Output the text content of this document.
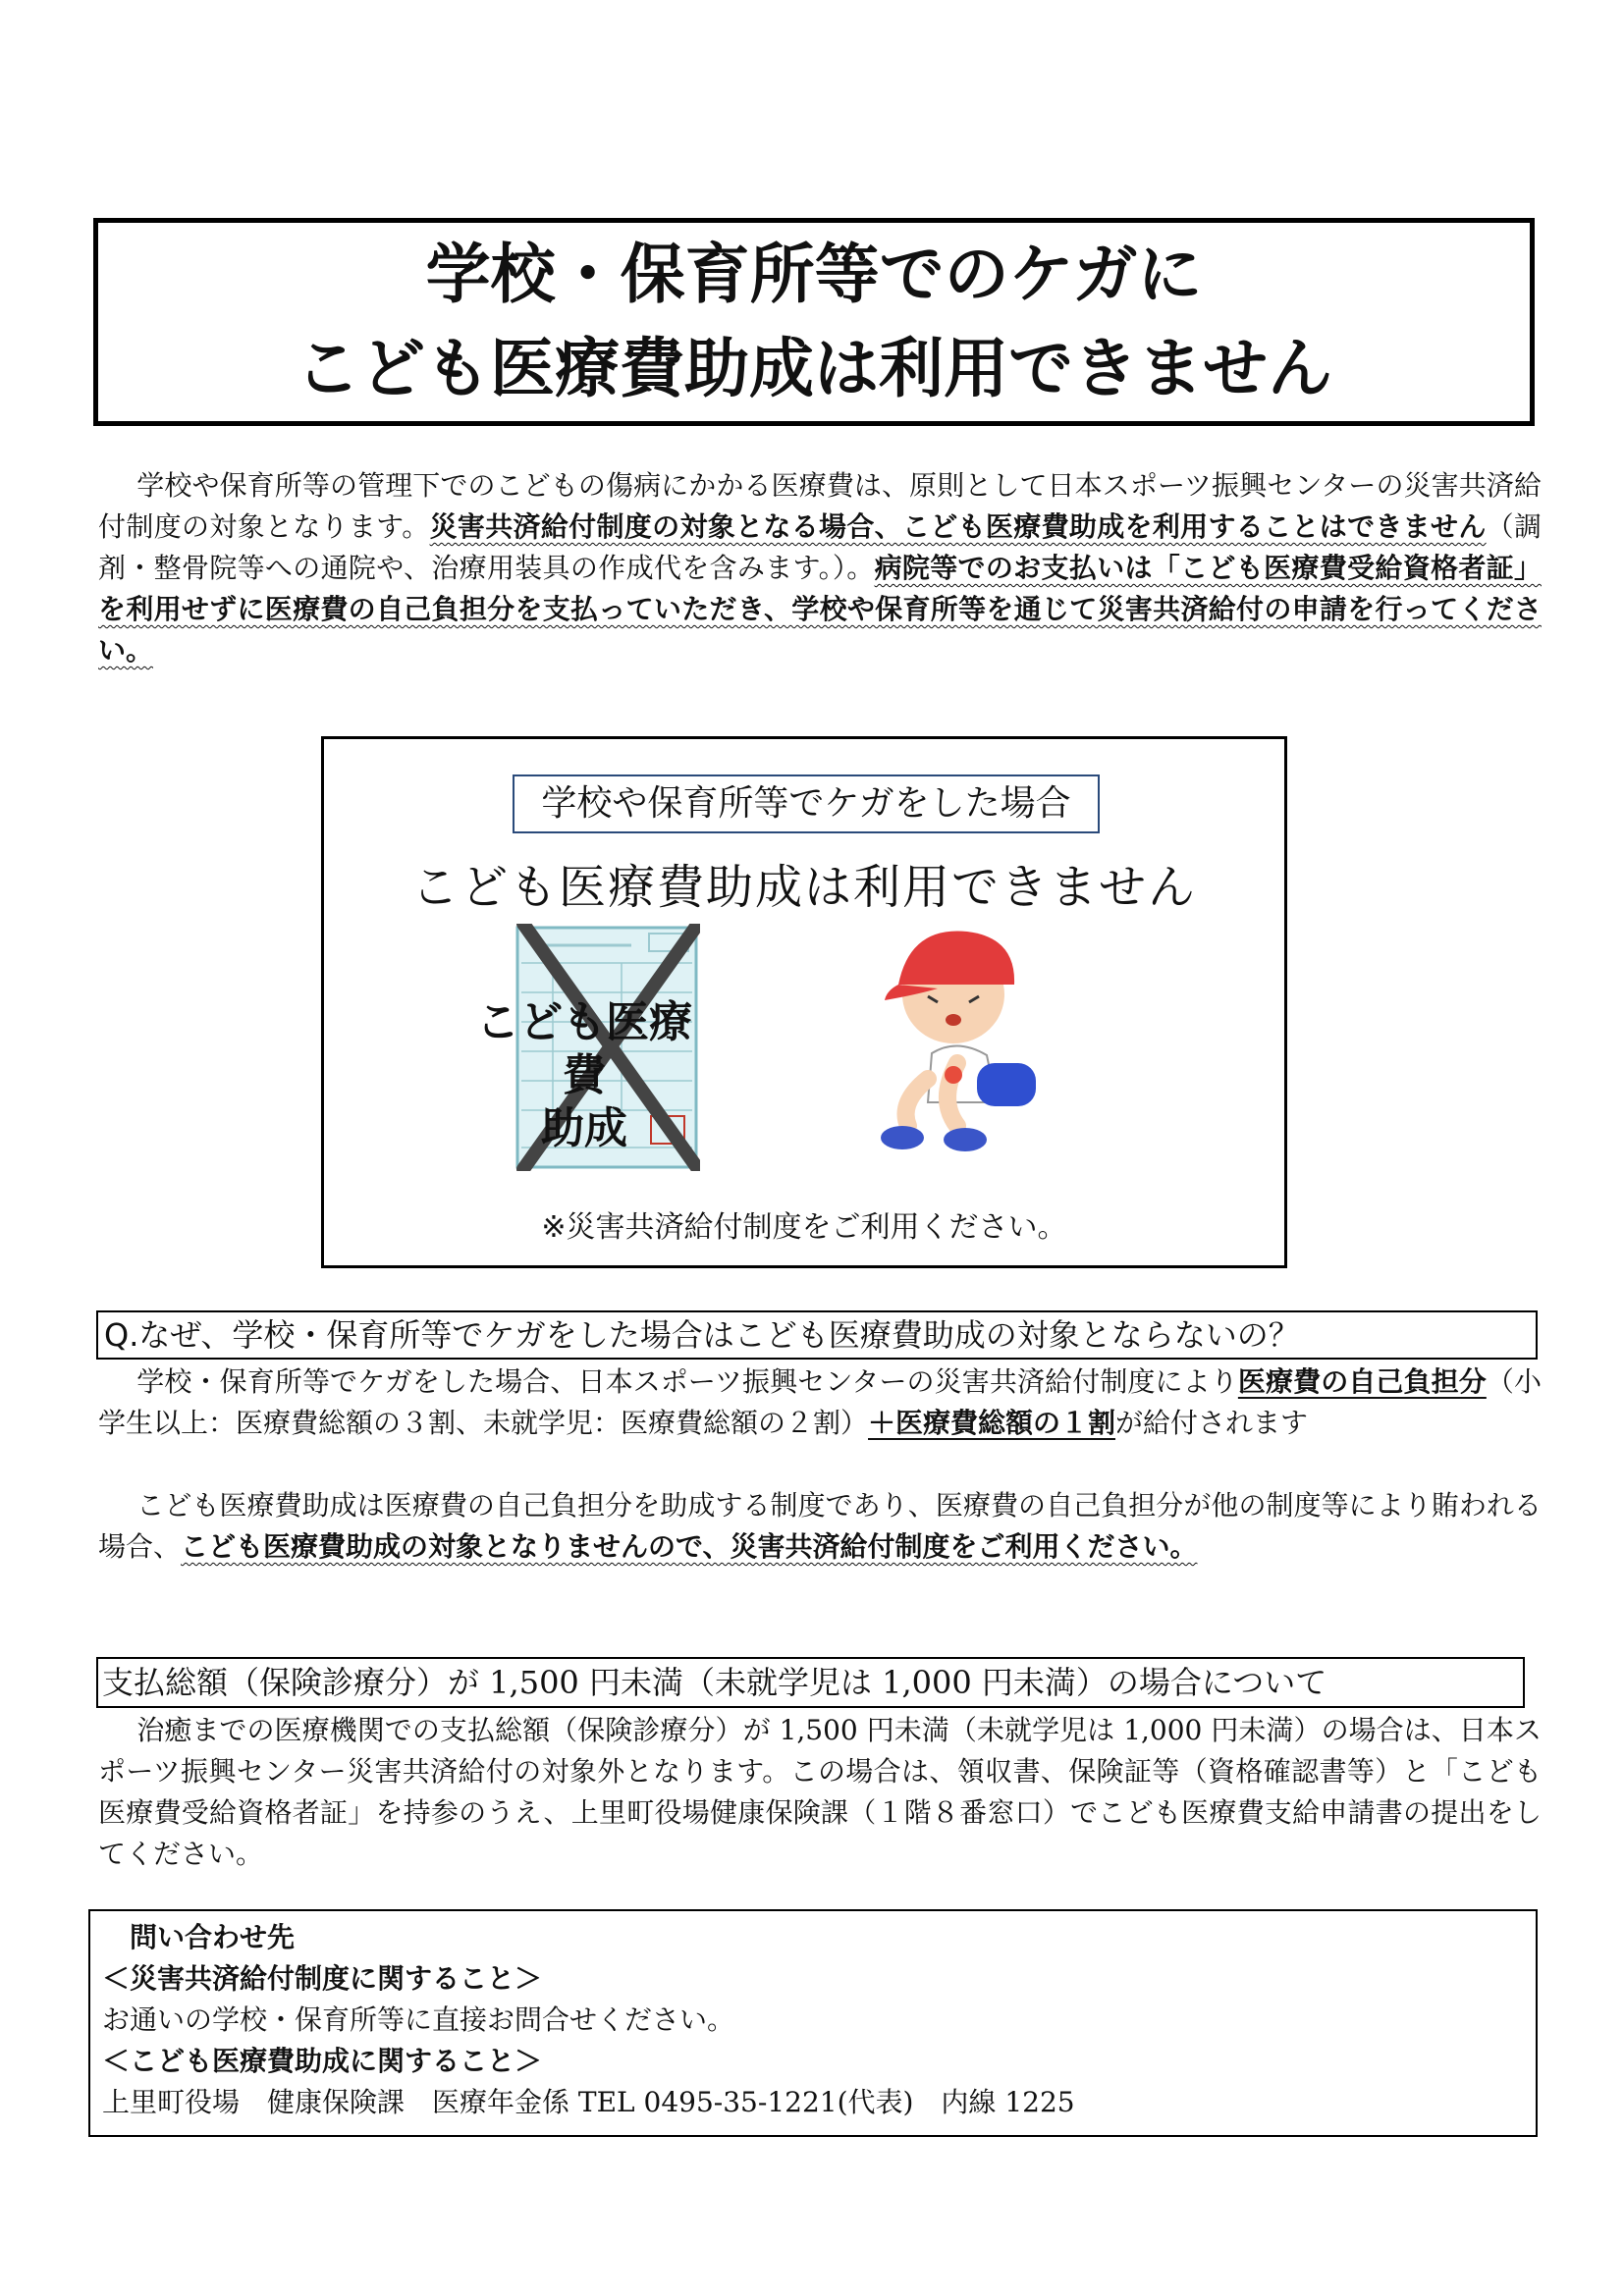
学校・保育所等でのケガに
こども医療費助成は利用できません

学校や保育所等の管理下でのこどもの傷病にかかる医療費は、原則として日本スポーツ振興センターの災害共済給付制度の対象となります。災害共済給付制度の対象となる場合、こども医療費助成を利用することはできません（調剤・整骨院等への通院や、治療用装具の作成代を含みます。）。病院等でのお支払いは「こども医療費受給資格者証」を利用せずに医療費の自己負担分を支払っていただき、学校や保育所等を通じて災害共済給付の申請を行ってください。

学校や保育所等でケガをした場合
こども医療費助成は利用できません
こども医療費
助成
※災害共済給付制度をご利用ください。
Q.なぜ、学校・保育所等でケガをした場合はこども医療費助成の対象とならないの？

学校・保育所等でケガをした場合、日本スポーツ振興センターの災害共済給付制度により医療費の自己負担分（小学生以上：医療費総額の３割、未就学児：医療費総額の２割）＋医療費総額の１割が給付されます

こども医療費助成は医療費の自己負担分を助成する制度であり、医療費の自己負担分が他の制度等により賄われる場合、こども医療費助成の対象となりませんので、災害共済給付制度をご利用ください。

支払総額（保険診療分）が 1,500 円未満（未就学児は 1,000 円未満）の場合について

治癒までの医療機関での支払総額（保険診療分）が 1,500 円未満（未就学児は 1,000 円未満）の場合は、日本スポーツ振興センター災害共済給付の対象外となります。この場合は、領収書、保険証等（資格確認書等）と「こども医療費受給資格者証」を持参のうえ、上里町役場健康保険課（１階８番窓口）でこども医療費支給申請書の提出をしてください。

問い合わせ先
＜災害共済給付制度に関すること＞
お通いの学校・保育所等に直接お問合せください。
＜こども医療費助成に関すること＞
上里町役場　健康保険課　医療年金係 TEL 0495-35-1221(代表)　内線 1225
